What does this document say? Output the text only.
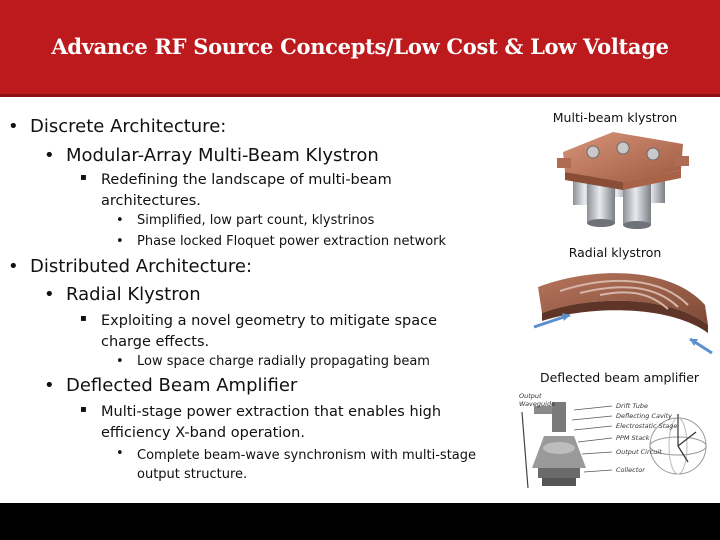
Advance RF Source Concepts/Low Cost & Low Voltage
• Discrete Architecture:
• Modular-Array Multi-Beam Klystron
▪ Redefining the landscape of multi-beam architectures.
• Simplified, low part count, klystrinos
• Phase locked Floquet power extraction network
• Distributed Architecture:
• Radial Klystron
▪ Exploiting a novel geometry to mitigate space charge effects.
• Low space charge radially propagating beam
• Deflected Beam Amplifier
▪ Multi-stage power extraction that enables high efficiency X-band operation.
• Complete beam-wave synchronism with multi-stage output structure.
Multi-beam klystron
Radial klystron
Deflected beam amplifier
Output Waveguide	Drift Tube
Deflecting Cavity
Electrostatic Stage
PPM Stack
Output Circuit
Collector
